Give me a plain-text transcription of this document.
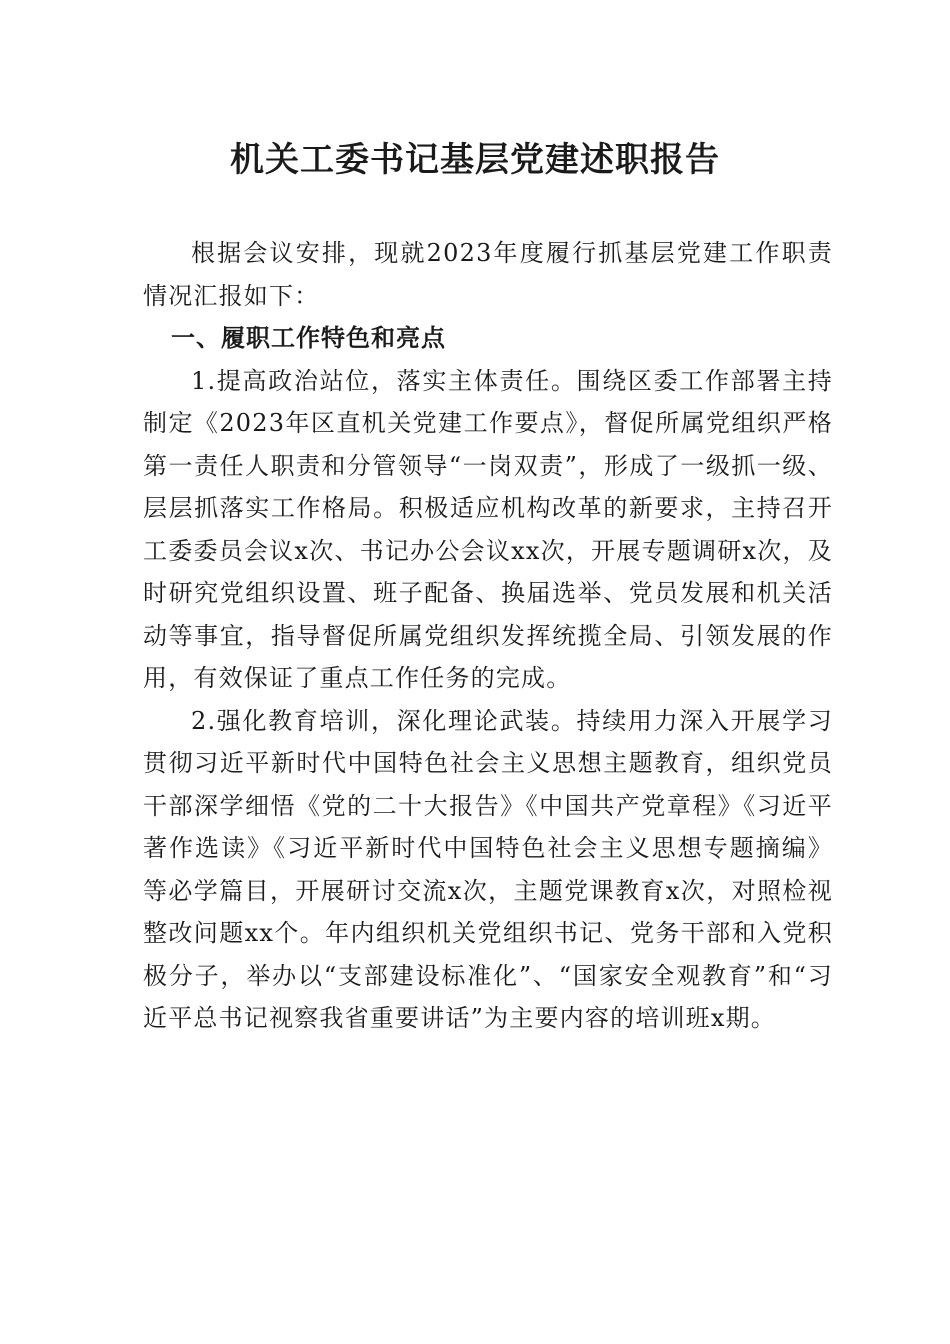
机关工委书记基层党建述职报告

根据会议安排，现就2023年度履行抓基层党建工作职责情况汇报如下：

一、履职工作特色和亮点

1.提高政治站位，落实主体责任。围绕区委工作部署主持制定《2023年区直机关党建工作要点》，督促所属党组织严格第一责任人职责和分管领导“一岗双责”，形成了一级抓一级、层层抓落实工作格局。积极适应机构改革的新要求，主持召开工委委员会议x次、书记办公会议xx次，开展专题调研x次，及时研究党组织设置、班子配备、换届选举、党员发展和机关活动等事宜，指导督促所属党组织发挥统揽全局、引领发展的作用，有效保证了重点工作任务的完成。

2.强化教育培训，深化理论武装。持续用力深入开展学习贯彻习近平新时代中国特色社会主义思想主题教育，组织党员干部深学细悟《党的二十大报告》《中国共产党章程》《习近平著作选读》《习近平新时代中国特色社会主义思想专题摘编》等必学篇目，开展研讨交流x次，主题党课教育x次，对照检视整改问题xx个。年内组织机关党组织书记、党务干部和入党积极分子，举办以“支部建设标准化”、“国家安全观教育”和“习近平总书记视察我省重要讲话”为主要内容的培训班x期。
